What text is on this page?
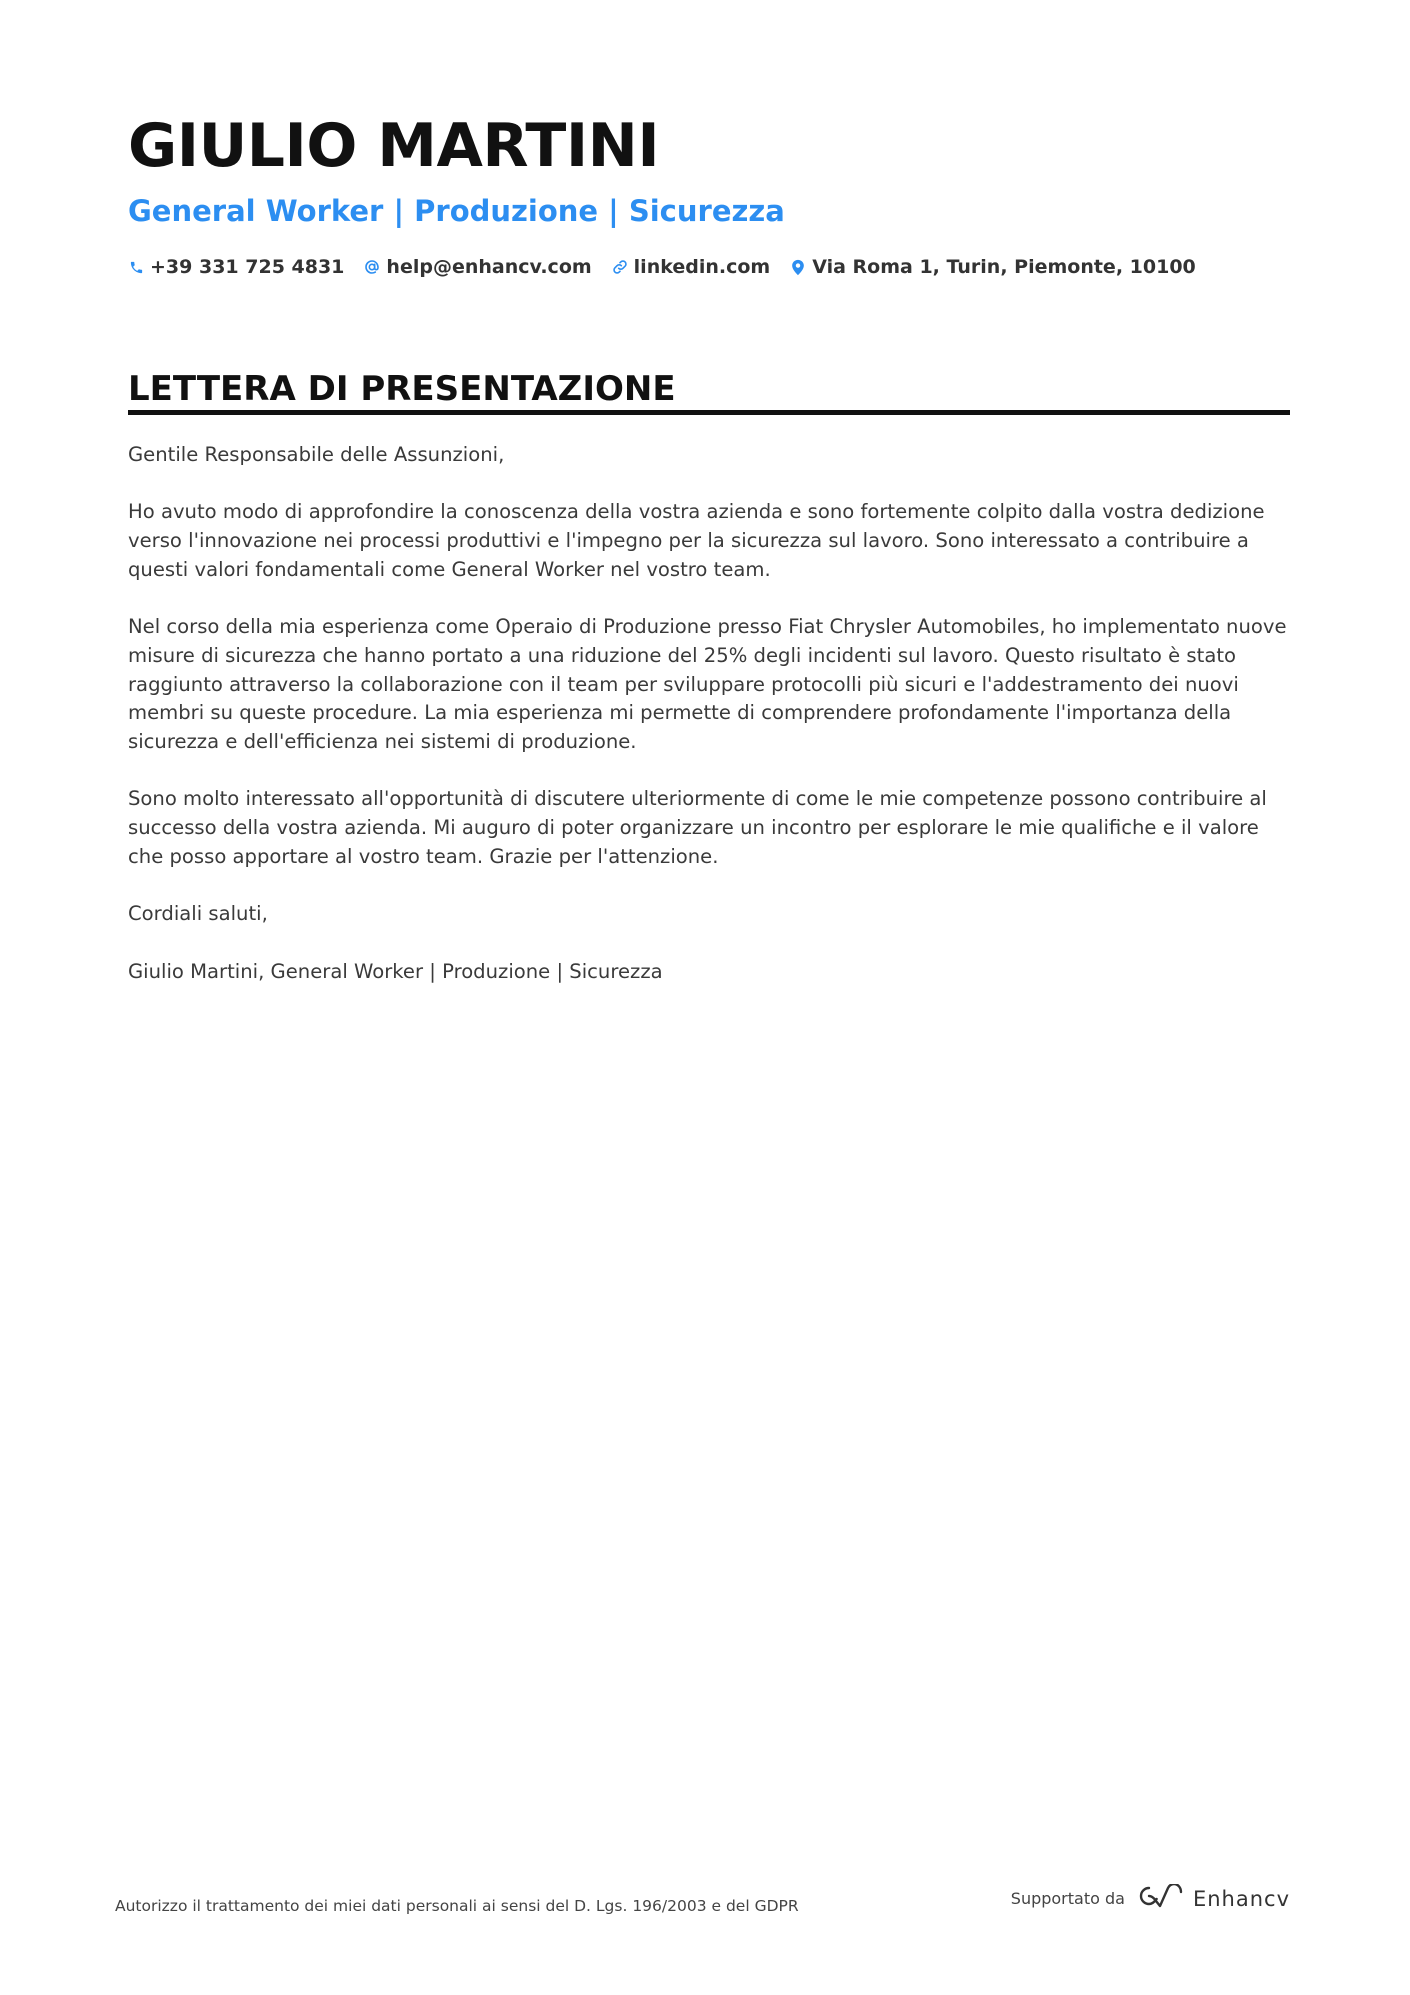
GIULIO MARTINI
General Worker | Produzione | Sicurezza
+39 331 725 4831 help@enhancv.com linkedin.com Via Roma 1, Turin, Piemonte, 10100
LETTERA DI PRESENTAZIONE

Gentile Responsabile delle Assunzioni,

Ho avuto modo di approfondire la conoscenza della vostra azienda e sono fortemente colpito dalla vostra dedizione verso l'innovazione nei processi produttivi e l'impegno per la sicurezza sul lavoro. Sono interessato a contribuire a questi valori fondamentali come General Worker nel vostro team.

Nel corso della mia esperienza come Operaio di Produzione presso Fiat Chrysler Automobiles, ho implementato nuove misure di sicurezza che hanno portato a una riduzione del 25% degli incidenti sul lavoro. Questo risultato è stato raggiunto attraverso la collaborazione con il team per sviluppare protocolli più sicuri e l'addestramento dei nuovi membri su queste procedure. La mia esperienza mi permette di comprendere profondamente l'importanza della sicurezza e dell'efficienza nei sistemi di produzione.

Sono molto interessato all'opportunità di discutere ulteriormente di come le mie competenze possono contribuire al successo della vostra azienda. Mi auguro di poter organizzare un incontro per esplorare le mie qualifiche e il valore che posso apportare al vostro team. Grazie per l'attenzione.

Cordiali saluti,

Giulio Martini, General Worker | Produzione | Sicurezza

Autorizzo il trattamento dei miei dati personali ai sensi del D. Lgs. 196/2003 e del GDPR	Supportato da	Enhancv
